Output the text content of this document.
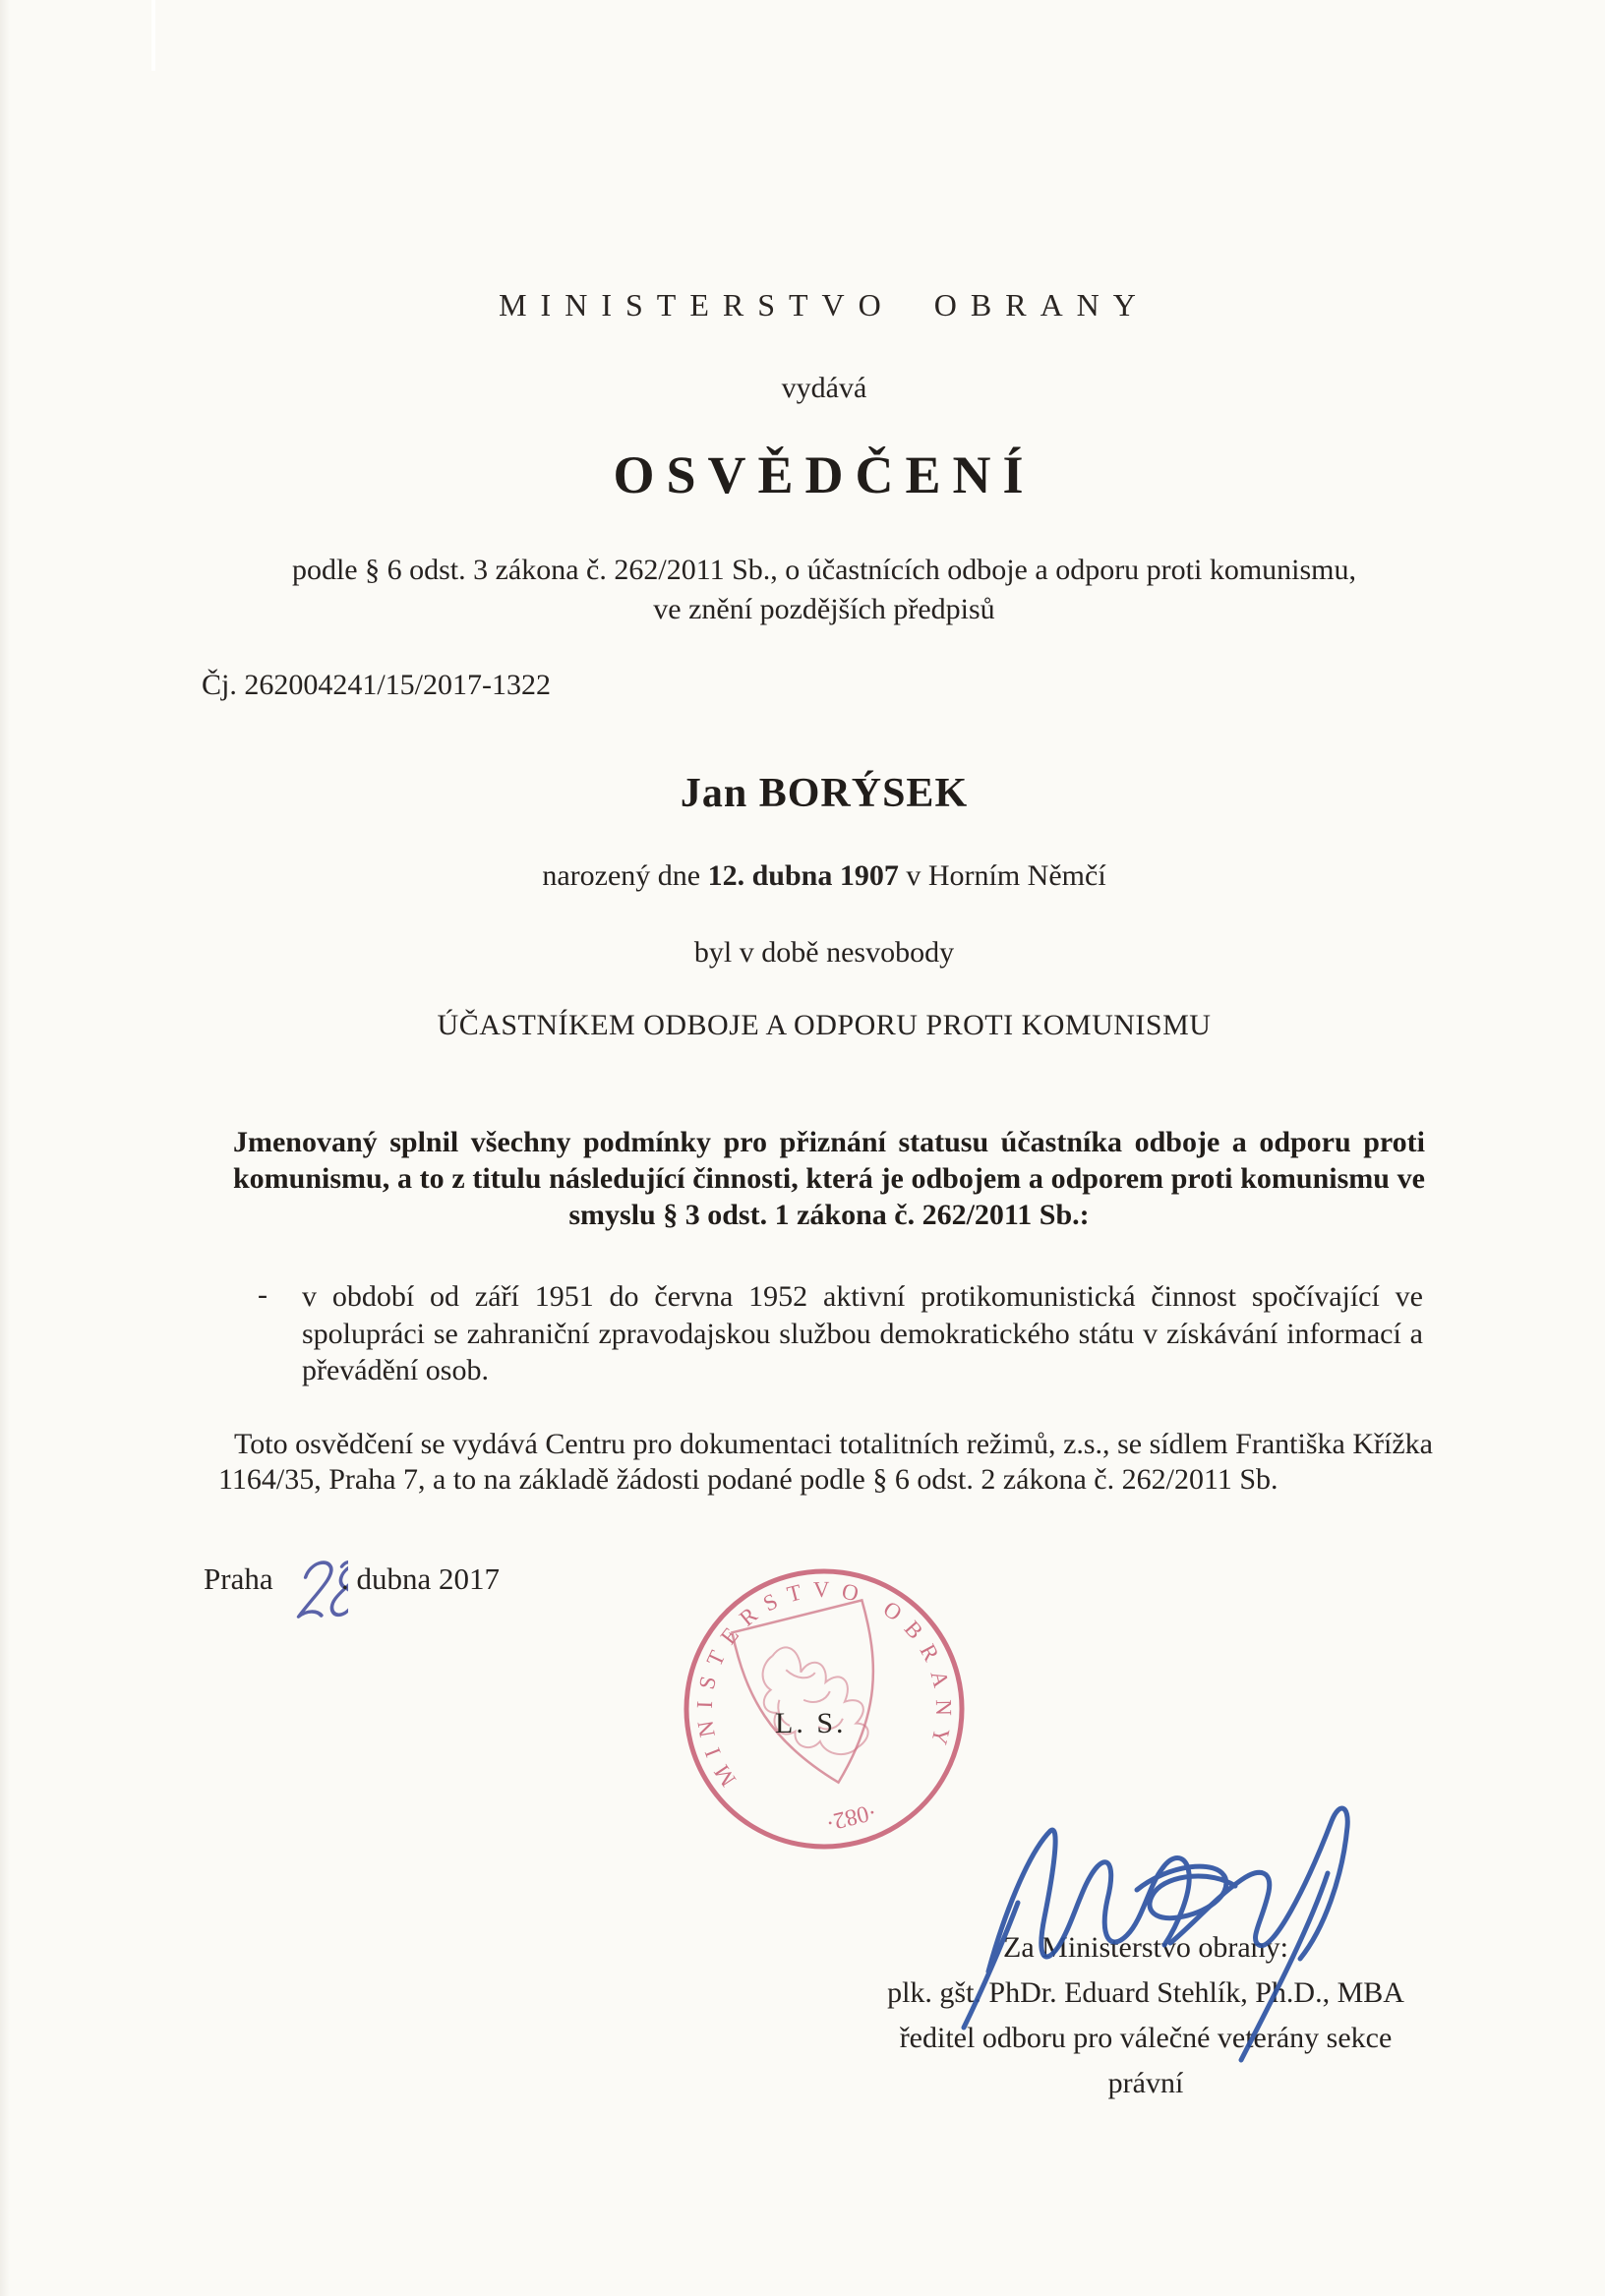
MINISTERSTVO OBRANY
vydává
OSVĚDČENÍ
podle § 6 odst. 3 zákona č. 262/2011 Sb., o účastnících odboje a odporu proti komunismu,
ve znění pozdějších předpisů
Čj. 262004241/15/2017-1322
Jan BORÝSEK
narozený dne 12. dubna 1907 v Horním Němčí
byl v době nesvobody
ÚČASTNÍKEM ODBOJE A ODPORU PROTI KOMUNISMU
Jmenovaný splnil všechny podmínky pro přiznání statusu účastníka odboje a odporu proti komunismu, a to z titulu následující činnosti, která je odbojem a odporem proti komunismu ve smyslu § 3 odst. 1 zákona č. 262/2011 Sb.:
- v období od září 1951 do června 1952 aktivní protikomunistická činnost spočívající ve spolupráci se zahraniční zpravodajskou službou demokratického státu v získávání informací a převádění osob.
Toto osvědčení se vydává Centru pro dokumentaci totalitních režimů, z.s., se sídlem Františka Křížka 1164/35, Praha 7, a to na základě žádosti podané podle § 6 odst. 2 zákona č. 262/2011 Sb.
Praha . dubna 2017
MINISTERSTVO OBRANY
·082·
L. S.
Za Ministerstvo obrany:
plk. gšt. PhDr. Eduard Stehlík, Ph.D., MBA
ředitel odboru pro válečné veterány sekce právní
